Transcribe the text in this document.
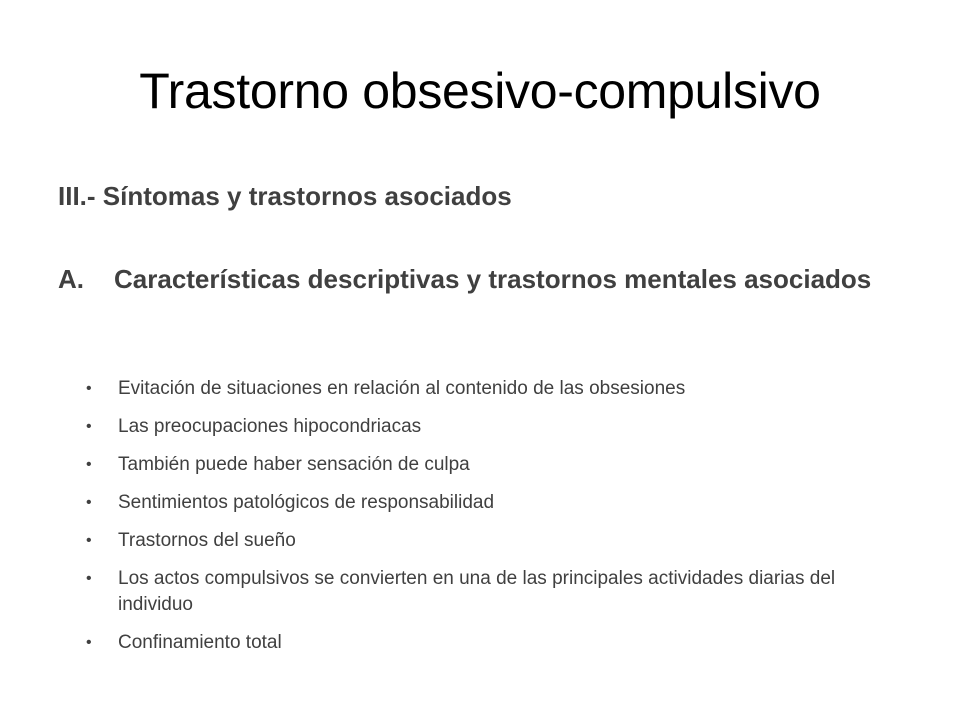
Trastorno obsesivo-compulsivo
III.- Síntomas y trastornos asociados
A. Características descriptivas y trastornos mentales asociados
• Evitación de situaciones en relación al contenido de las obsesiones
• Las preocupaciones hipocondriacas
• También puede haber sensación de culpa
• Sentimientos patológicos de responsabilidad
• Trastornos del sueño
• Los actos compulsivos se convierten en una de las principales actividades diarias del individuo
• Confinamiento total
